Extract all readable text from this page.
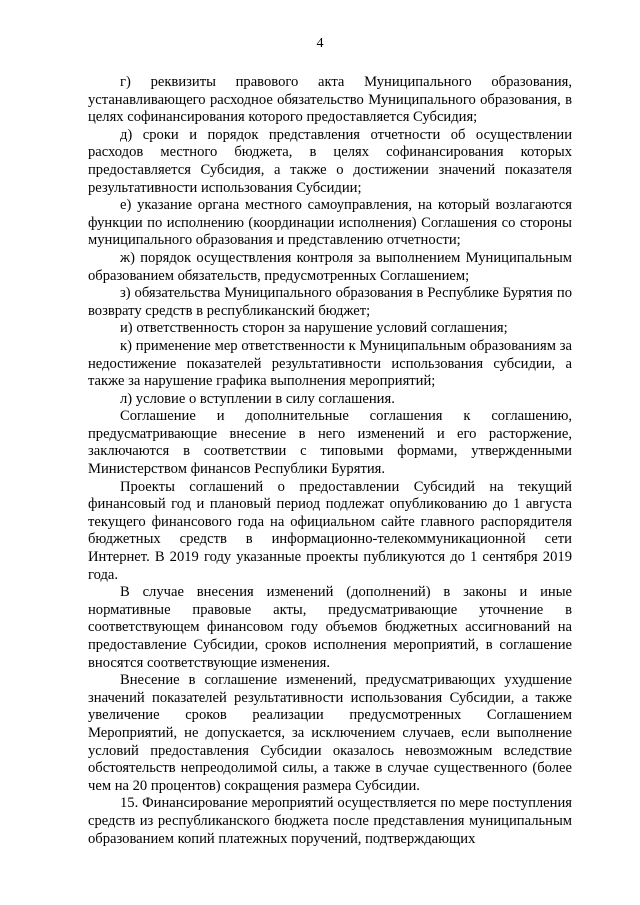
4

г) реквизиты правового акта Муниципального образования, устанавливающего расходное обязательство Муниципального образования, в целях софинансирования которого предоставляется Субсидия;

д) сроки и порядок представления отчетности об осуществлении расходов местного бюджета, в целях софинансирования которых предоставляется Субсидия, а также о достижении значений показателя результативности использования Субсидии;

е) указание органа местного самоуправления, на который возлагаются функции по исполнению (координации исполнения) Соглашения со стороны муниципального образования и представлению отчетности;

ж) порядок осуществления контроля за выполнением Муниципальным образованием обязательств, предусмотренных Соглашением;

з) обязательства Муниципального образования в Республике Бурятия по возврату средств в республиканский бюджет;

и) ответственность сторон за нарушение условий соглашения;

к) применение мер ответственности к Муниципальным образованиям за недостижение показателей результативности использования субсидии, а также за нарушение графика выполнения мероприятий;

л) условие о вступлении в силу соглашения.

Соглашение и дополнительные соглашения к соглашению, предусматривающие внесение в него изменений и его расторжение, заключаются в соответствии с типовыми формами, утвержденными Министерством финансов Республики Бурятия.

Проекты соглашений о предоставлении Субсидий на текущий финансовый год и плановый период подлежат опубликованию до 1 августа текущего финансового года на официальном сайте главного распорядителя бюджетных средств в информационно-телекоммуникационной сети Интернет. В 2019 году указанные проекты публикуются до 1 сентября 2019 года.

В случае внесения изменений (дополнений) в законы и иные нормативные правовые акты, предусматривающие уточнение в соответствующем финансовом году объемов бюджетных ассигнований на предоставление Субсидии, сроков исполнения мероприятий, в соглашение вносятся соответствующие изменения.

Внесение в соглашение изменений, предусматривающих ухудшение значений показателей результативности использования Субсидии, а также увеличение сроков реализации предусмотренных Соглашением Мероприятий, не допускается, за исключением случаев, если выполнение условий предоставления Субсидии оказалось невозможным вследствие обстоятельств непреодолимой силы, а также в случае существенного (более чем на 20 процентов) сокращения размера Субсидии.

15. Финансирование мероприятий осуществляется по мере поступления средств из республиканского бюджета после представления муниципальным образованием копий платежных поручений, подтверждающих
